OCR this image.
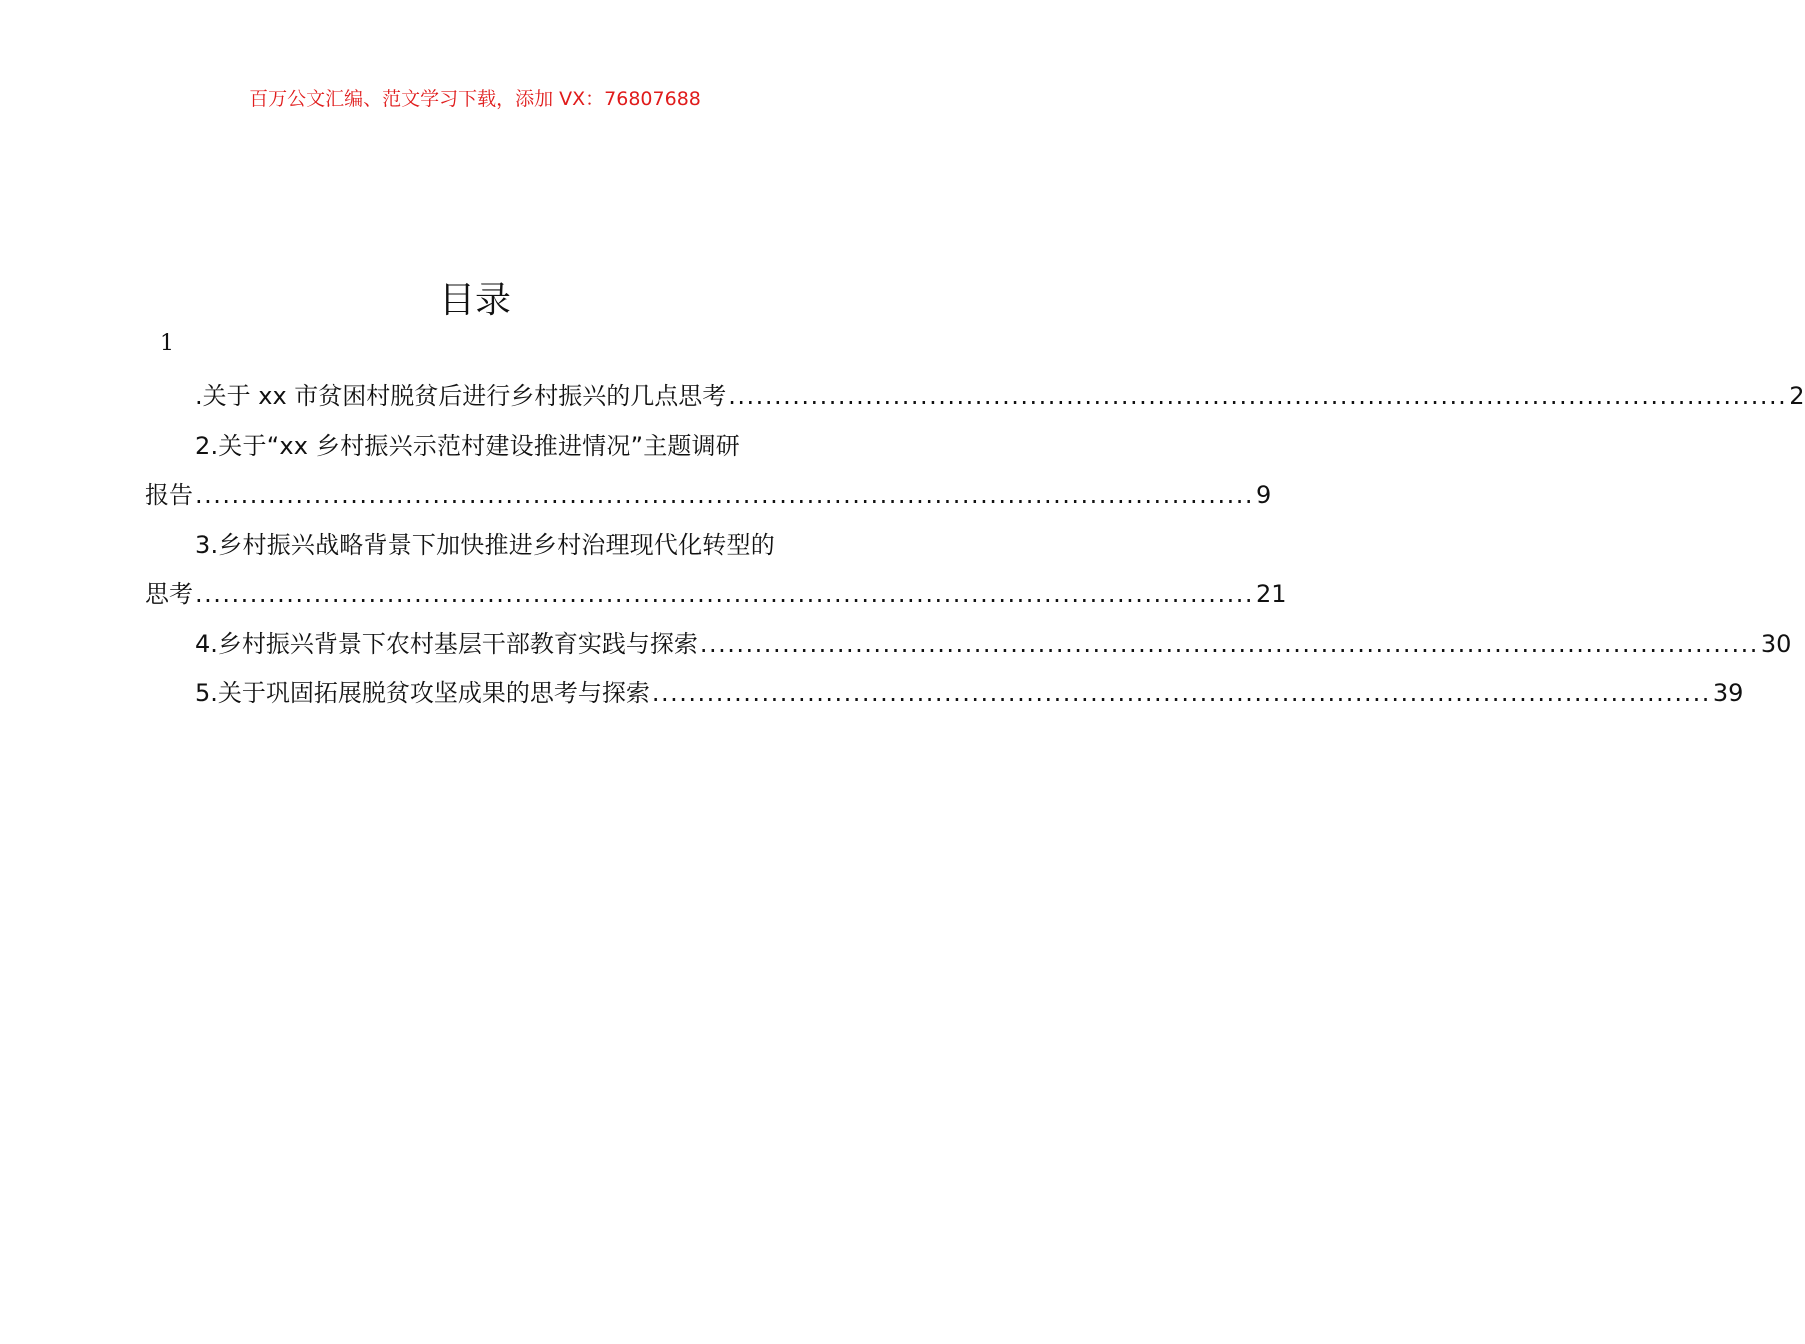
百万公文汇编、范文学习下载，添加 VX：76807688
目录
1
.关于 xx 市贫困村脱贫后进行乡村振兴的几点思考 .................................................................................................................... 2
2.关于“xx 乡村振兴示范村建设推进情况”主题调研
报告 .................................................................................................................... 9
3.乡村振兴战略背景下加快推进乡村治理现代化转型的
思考 .................................................................................................................... 21
4.乡村振兴背景下农村基层干部教育实践与探索 .................................................................................................................... 30
5.关于巩固拓展脱贫攻坚成果的思考与探索 .................................................................................................................... 39
